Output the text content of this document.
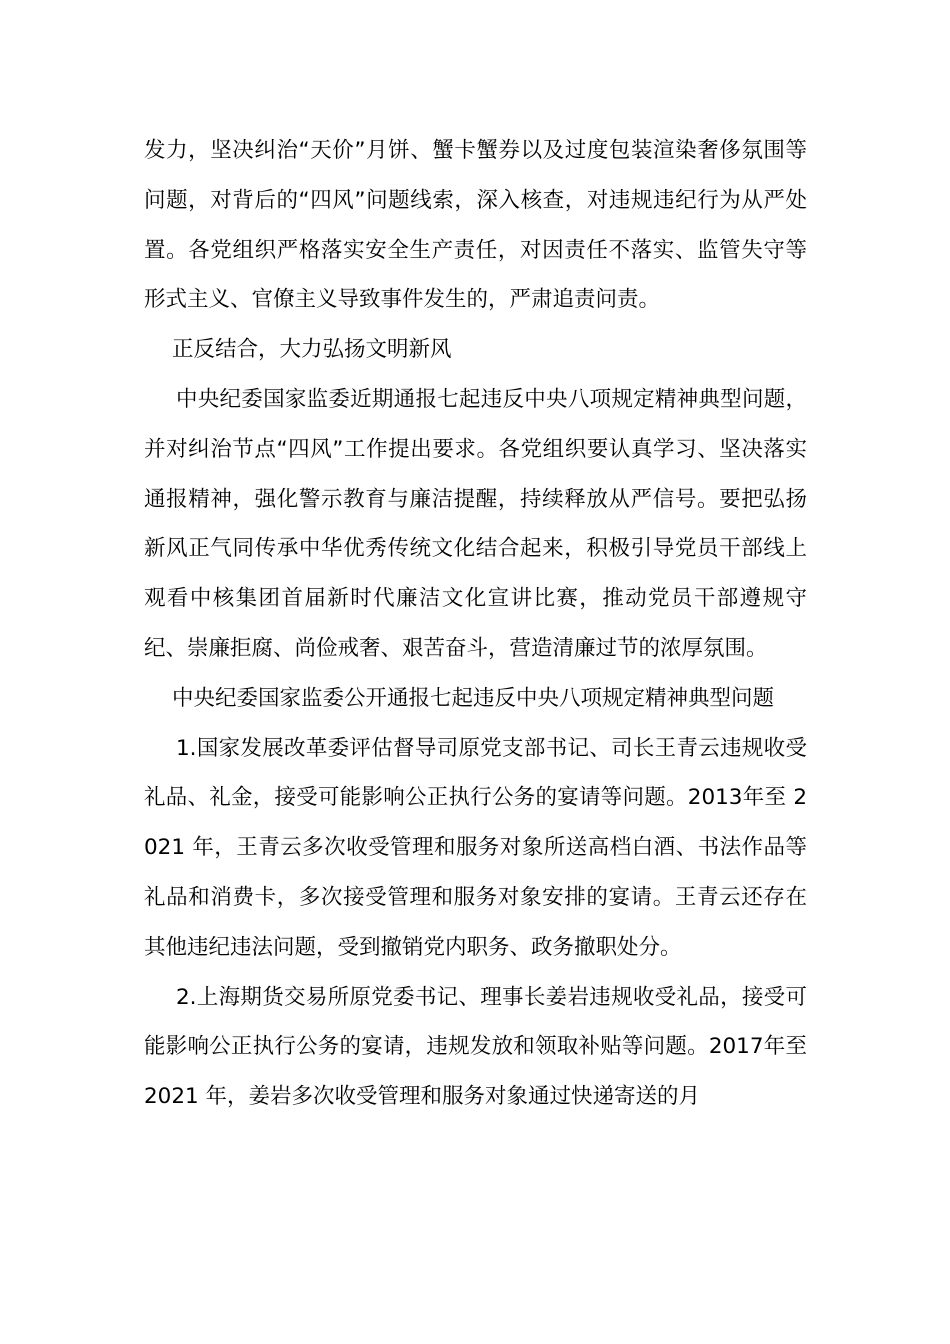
发力，坚决纠治“天价”月饼、蟹卡蟹券以及过度包装渲染奢侈氛围等问题，对背后的“四风”问题线索，深入核查，对违规违纪行为从严处置。各党组织严格落实安全生产责任，对因责任不落实、监管失守等形式主义、官僚主义导致事件发生的，严肃追责问责。

正反结合，大力弘扬文明新风

中央纪委国家监委近期通报七起违反中央八项规定精神典型问题，并对纠治节点“四风”工作提出要求。各党组织要认真学习、坚决落实通报精神，强化警示教育与廉洁提醒，持续释放从严信号。要把弘扬新风正气同传承中华优秀传统文化结合起来，积极引导党员干部线上观看中核集团首届新时代廉洁文化宣讲比赛，推动党员干部遵规守纪、崇廉拒腐、尚俭戒奢、艰苦奋斗，营造清廉过节的浓厚氛围。

中央纪委国家监委公开通报七起违反中央八项规定精神典型问题

1.国家发展改革委评估督导司原党支部书记、司长王青云违规收受礼品、礼金，接受可能影响公正执行公务的宴请等问题。2013年至 2021 年，王青云多次收受管理和服务对象所送高档白酒、书法作品等礼品和消费卡，多次接受管理和服务对象安排的宴请。王青云还存在其他违纪违法问题，受到撤销党内职务、政务撤职处分。

2.上海期货交易所原党委书记、理事长姜岩违规收受礼品，接受可能影响公正执行公务的宴请，违规发放和领取补贴等问题。2017年至 2021 年，姜岩多次收受管理和服务对象通过快递寄送的月
